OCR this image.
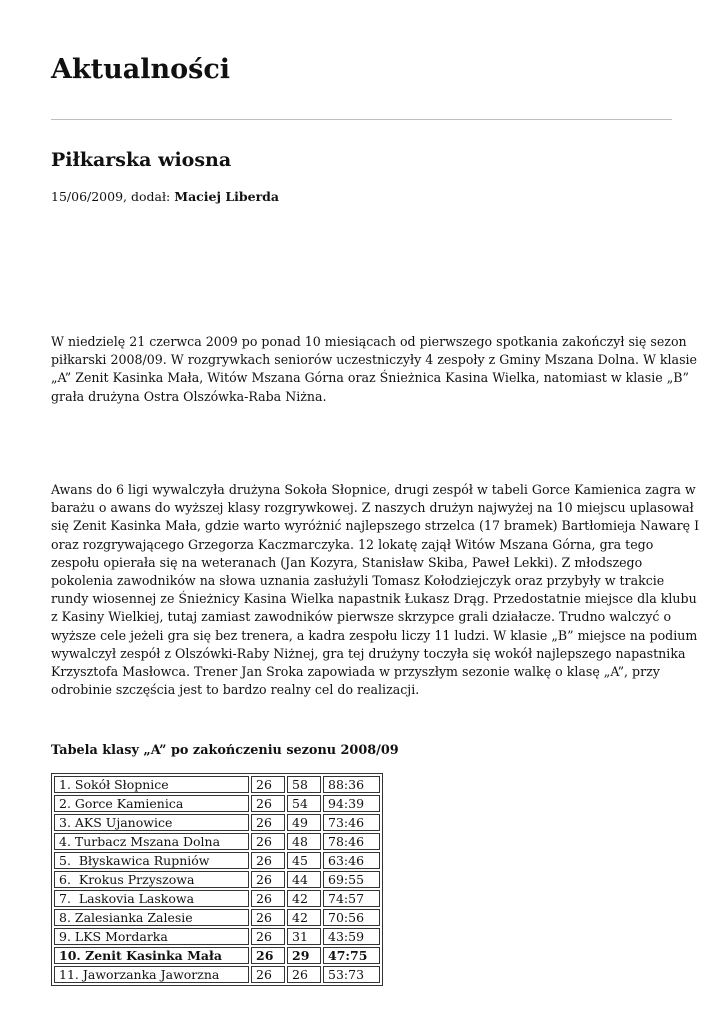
Aktualności
Piłkarska wiosna
15/06/2009, dodał: Maciej Liberda

W niedzielę 21 czerwca 2009 po ponad 10 miesiącach od pierwszego spotkania zakończył się sezon
piłkarski 2008/09. W rozgrywkach seniorów uczestniczyły 4 zespoły z Gminy Mszana Dolna. W klasie
„A” Zenit Kasinka Mała, Witów Mszana Górna oraz Śnieżnica Kasina Wielka, natomiast w klasie „B”
grała drużyna Ostra Olszówka-Raba Niżna.

Awans do 6 ligi wywalczyła drużyna Sokoła Słopnice, drugi zespół w tabeli Gorce Kamienica zagra w
barażu o awans do wyższej klasy rozgrywkowej. Z naszych drużyn najwyżej na 10 miejscu uplasował
się Zenit Kasinka Mała, gdzie warto wyróżnić najlepszego strzelca (17 bramek) Bartłomieja Nawarę I
oraz rozgrywającego Grzegorza Kaczmarczyka. 12 lokatę zajął Witów Mszana Górna, gra tego
zespołu opierała się na weteranach (Jan Kozyra, Stanisław Skiba, Paweł Lekki). Z młodszego
pokolenia zawodników na słowa uznania zasłużyli Tomasz Kołodziejczyk oraz przybyły w trakcie
rundy wiosennej ze Śnieżnicy Kasina Wielka napastnik Łukasz Drąg. Przedostatnie miejsce dla klubu
z Kasiny Wielkiej, tutaj zamiast zawodników pierwsze skrzypce grali działacze. Trudno walczyć o
wyższe cele jeżeli gra się bez trenera, a kadra zespołu liczy 11 ludzi. W klasie „B” miejsce na podium
wywalczył zespół z Olszówki-Raby Niżnej, gra tej drużyny toczyła się wokół najlepszego napastnika
Krzysztofa Masłowca. Trener Jan Sroka zapowiada w przyszłym sezonie walkę o klasę „A”, przy
odrobinie szczęścia jest to bardzo realny cel do realizacji.

Tabela klasy „A” po zakończeniu sezonu 2008/09
1. Sokół Słopnice	26	58	88:36
2. Gorce Kamienica	26	54	94:39
3. AKS Ujanowice	26	49	73:46
4. Turbacz Mszana Dolna	26	48	78:46
5.  Błyskawica Rupniów	26	45	63:46
6.  Krokus Przyszowa	26	44	69:55
7.  Laskovia Laskowa	26	42	74:57
8. Zalesianka Zalesie	26	42	70:56
9. LKS Mordarka	26	31	43:59
10. Zenit Kasinka Mała	26	29	47:75
11. Jaworzanka Jaworzna	26	26	53:73
